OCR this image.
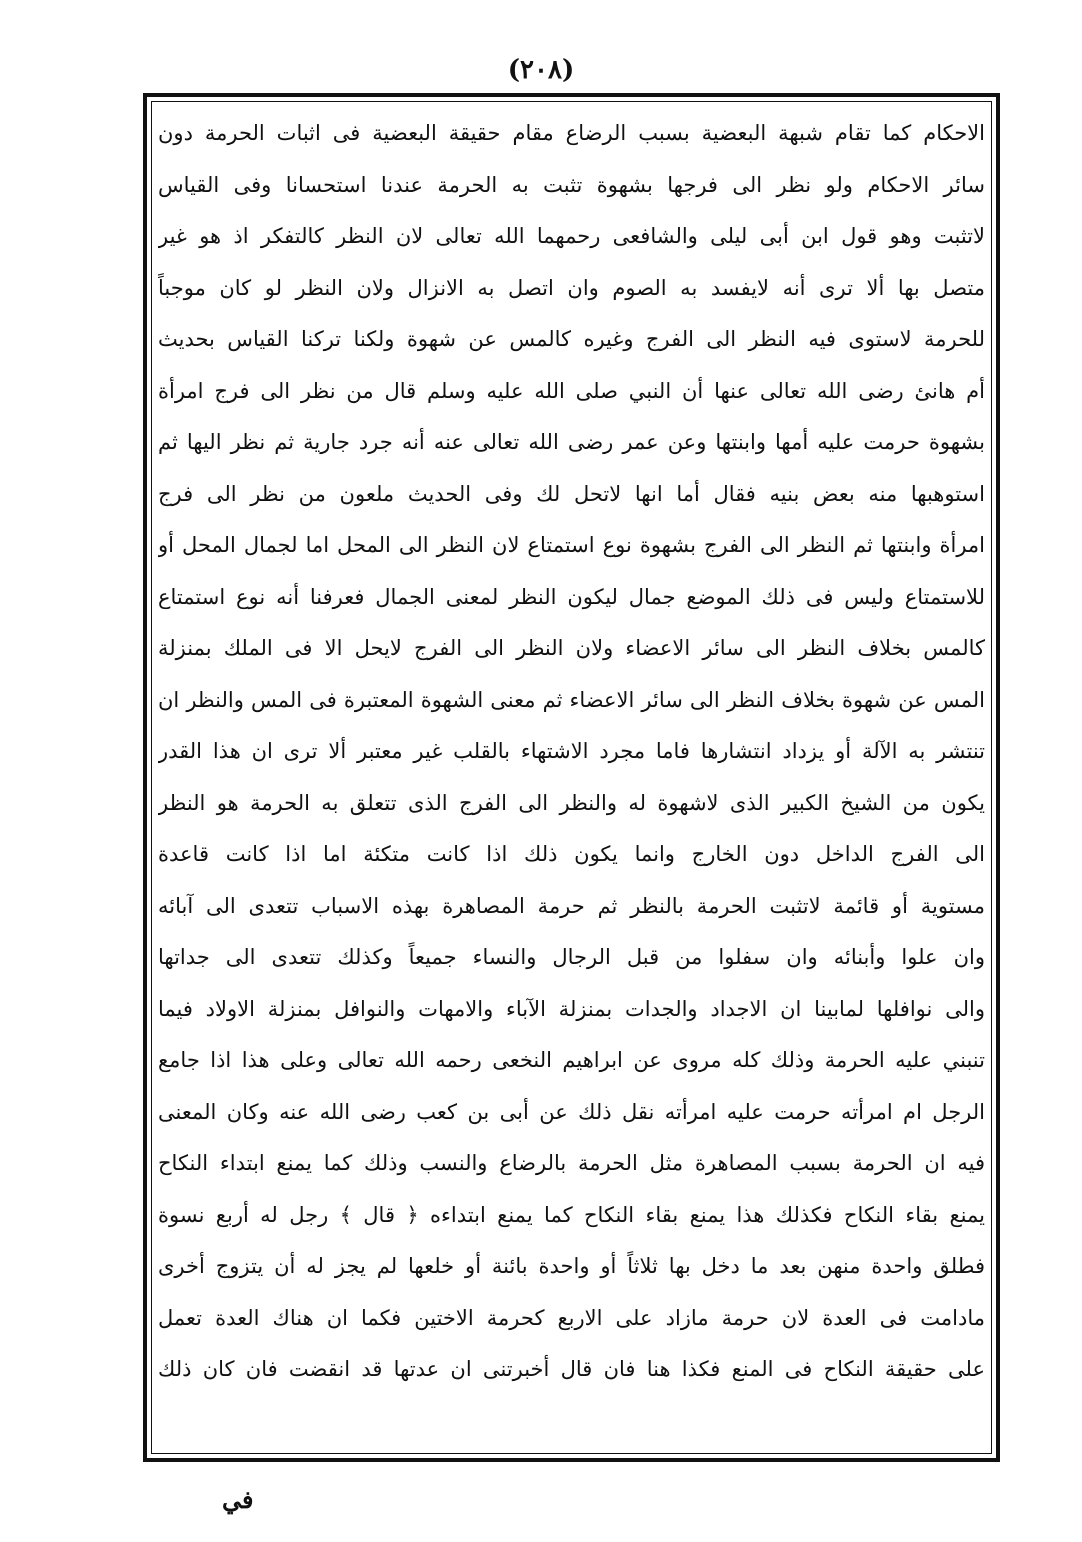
(٢٠٨)
الاحكام كما تقام شبهة البعضية بسبب الرضاع مقام حقيقة البعضية فى اثبات الحرمة دون
سائر الاحكام ولو نظر الى فرجها بشهوة تثبت به الحرمة عندنا استحسانا وفى القياس
لاتثبت وهو قول ابن أبى ليلى والشافعى رحمهما الله تعالى لان النظر كالتفكر اذ هو غير
متصل بها ألا ترى أنه لايفسد به الصوم وان اتصل به الانزال ولان النظر لو كان موجباً
للحرمة لاستوى فيه النظر الى الفرج وغيره كالمس عن شهوة ولكنا تركنا القياس بحديث
أم هانئ رضى الله تعالى عنها أن النبي صلى الله عليه وسلم قال من نظر الى فرج امرأة
بشهوة حرمت عليه أمها وابنتها وعن عمر رضى الله تعالى عنه أنه جرد جارية ثم نظر اليها ثم
استوهبها منه بعض بنيه فقال أما انها لاتحل لك وفى الحديث ملعون من نظر الى فرج
امرأة وابنتها ثم النظر الى الفرج بشهوة نوع استمتاع لان النظر الى المحل اما لجمال المحل أو
للاستمتاع وليس فى ذلك الموضع جمال ليكون النظر لمعنى الجمال فعرفنا أنه نوع استمتاع
كالمس بخلاف النظر الى سائر الاعضاء ولان النظر الى الفرج لايحل الا فى الملك بمنزلة
المس عن شهوة بخلاف النظر الى سائر الاعضاء ثم معنى الشهوة المعتبرة فى المس والنظر ان
تنتشر به الآلة أو يزداد انتشارها فاما مجرد الاشتهاء بالقلب غير معتبر ألا ترى ان هذا القدر
يكون من الشيخ الكبير الذى لاشهوة له والنظر الى الفرج الذى تتعلق به الحرمة هو النظر
الى الفرج الداخل دون الخارج وانما يكون ذلك اذا كانت متكئة اما اذا كانت قاعدة
مستوية أو قائمة لاتثبت الحرمة بالنظر ثم حرمة المصاهرة بهذه الاسباب تتعدى الى آبائه
وان علوا وأبنائه وان سفلوا من قبل الرجال والنساء جميعاً وكذلك تتعدى الى جداتها
والى نوافلها لمابينا ان الاجداد والجدات بمنزلة الآباء والامهات والنوافل بمنزلة الاولاد فيما
تنبني عليه الحرمة وذلك كله مروى عن ابراهيم النخعى رحمه الله تعالى وعلى هذا اذا جامع
الرجل ام امرأته حرمت عليه امرأته نقل ذلك عن أبى بن كعب رضى الله عنه وكان المعنى
فيه ان الحرمة بسبب المصاهرة مثل الحرمة بالرضاع والنسب وذلك كما يمنع ابتداء النكاح
يمنع بقاء النكاح فكذلك هذا يمنع بقاء النكاح كما يمنع ابتداءه ﴿ قال ﴾ رجل له أربع نسوة
فطلق واحدة منهن بعد ما دخل بها ثلاثاً أو واحدة بائنة أو خلعها لم يجز له أن يتزوج أخرى
مادامت فى العدة لان حرمة مازاد على الاربع كحرمة الاختين فكما ان هناك العدة تعمل
على حقيقة النكاح فى المنع فكذا هنا فان قال أخبرتنى ان عدتها قد انقضت فان كان ذلك
في
